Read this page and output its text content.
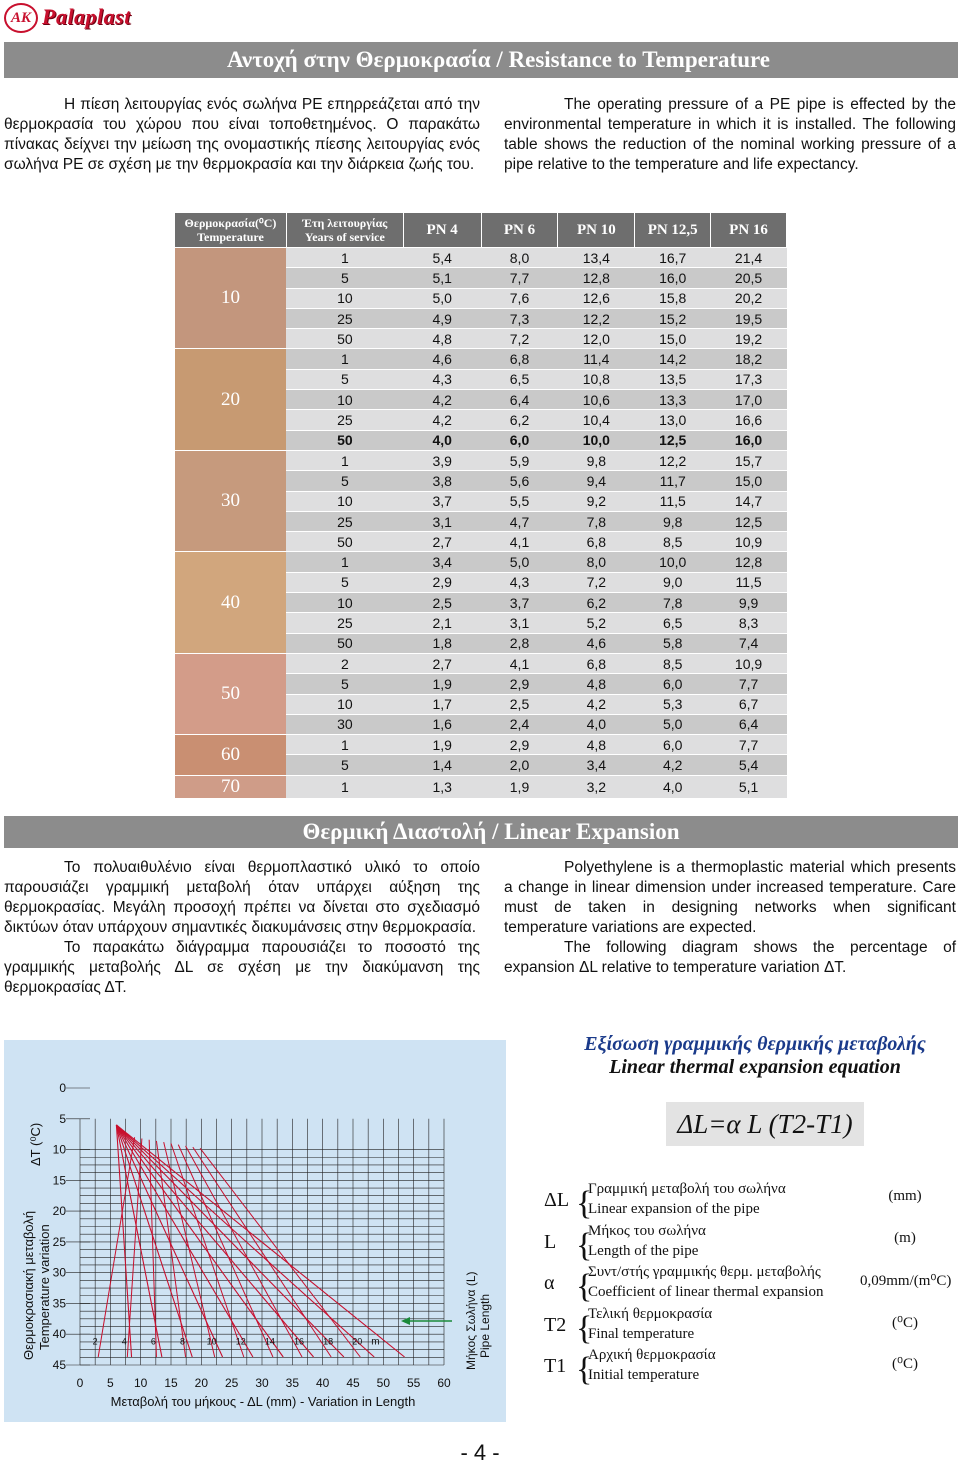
AK Palaplast
Αντοχή στην Θερμοκρασία / Resistance to Temperature

Η πίεση λειτουργίας ενός σωλήνα PE επηρρεάζεται από την θερμοκρασία του χώρου που είναι τοποθετημένος. Ο παρακάτω πίνακας δείχνει την μείωση της ονομαστικής πίεσης λειτουργίας ενός σωλήνα PE σε σχέση με την θερμοκρασία και την διάρκεια ζωής του.

The operating pressure of a PE pipe is effected by the environmental temperature in which it is installed. The following table shows the reduction of the nominal working pressure of a pipe relative to the temperature and life expectancy.

Θερμοκρασία(⁰C)
Temperature	Έτη λειτουργίας
Years of service	PN 4	PN 6	PN 10	PN 12,5	PN 16
10	1	5,4	8,0	13,4	16,7	21,4
	5	5,1	7,7	12,8	16,0	20,5
	10	5,0	7,6	12,6	15,8	20,2
	25	4,9	7,3	12,2	15,2	19,5
	50	4,8	7,2	12,0	15,0	19,2
20	1	4,6	6,8	11,4	14,2	18,2
	5	4,3	6,5	10,8	13,5	17,3
	10	4,2	6,4	10,6	13,3	17,0
	25	4,2	6,2	10,4	13,0	16,6
	50	4,0	6,0	10,0	12,5	16,0
30	1	3,9	5,9	9,8	12,2	15,7
	5	3,8	5,6	9,4	11,7	15,0
	10	3,7	5,5	9,2	11,5	14,7
	25	3,1	4,7	7,8	9,8	12,5
	50	2,7	4,1	6,8	8,5	10,9
40	1	3,4	5,0	8,0	10,0	12,8
	5	2,9	4,3	7,2	9,0	11,5
	10	2,5	3,7	6,2	7,8	9,9
	25	2,1	3,1	5,2	6,5	8,3
	50	1,8	2,8	4,6	5,8	7,4
50	2	2,7	4,1	6,8	8,5	10,9
	5	1,9	2,9	4,8	6,0	7,7
	10	1,7	2,5	4,2	5,3	6,7
	30	1,6	2,4	4,0	5,0	6,4
60	1	1,9	2,9	4,8	6,0	7,7
	5	1,4	2,0	3,4	4,2	5,4
70	1	1,3	1,9	3,2	4,0	5,1
Θερμική Διαστολή / Linear Expansion

Το πολυαιθυλένιο είναι θερμοπλαστικό υλικό το οποίο παρουσιάζει γραμμική μεταβολή όταν υπάρχει αύξηση της θερμοκρασίας. Μεγάλη προσοχή πρέπει να δίνεται στο σχεδιασμό δικτύων όταν υπάρχουν σημαντικές διακυμάνσεις στην θερμοκρασία.

Το παρακάτω διάγραμμα παρουσιάζει το ποσοστό της γραμμικής μεταβολής ΔL σε σχέση με την διακύμανση της θερμοκρασίας ΔT.

Polyethylene is a thermoplastic material which presents a change in linear dimension under increased temperature. Care must de taken in designing networks when significant temperature variations are expected.

The following diagram shows the percentage of expansion ΔL relative to temperature variation ΔT.

0 5 10 15 20 25 30 35 40 45 50 55 60
0
5
10
15
20
25
30
35
40
45
2	4	6	8 10 12 14 16 18 20 m
Θερμοκρασιακή μεταβολή Temperature variation
ΔT (⁰C)
Μήκος Σωλήνα (L) Pipe Length
Μεταβολή του μήκους - ΔL (mm) - Variation in Length
Εξίσωση γραμμικής θερμικής μεταβολής
Linear thermal expansion equation
ΔL=α L (T2-T1)
ΔL {
Γραμμική μεταβολή του σωλήνα
Linear expansion of the pipe
(mm)
L {
Μήκος του σωλήνα
Length of the pipe
(m)
α {
Συντ/στής γραμμικής θερμ. μεταβολής
Coefficient of linear thermal expansion
0,09mm/(m⁰C)
T2 {
Τελική θερμοκρασία
Final temperature
(⁰C)
T1 {
Αρχική θερμοκρασία
Initial temperature
(⁰C)
- 4 -
